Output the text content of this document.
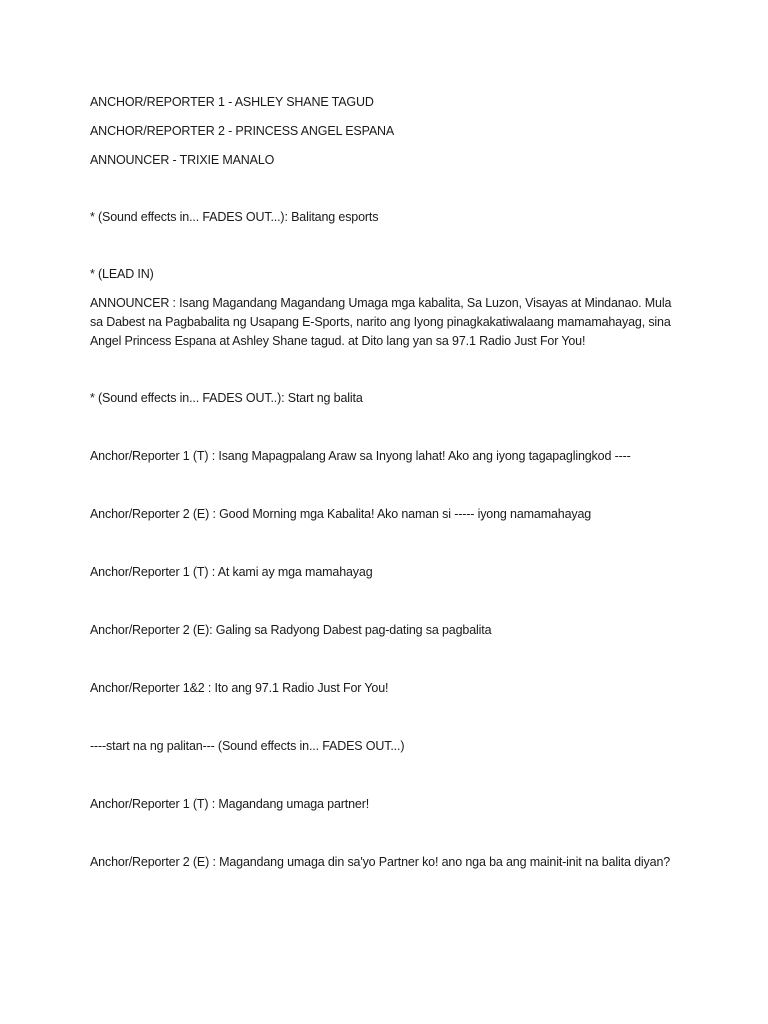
ANCHOR/REPORTER 1 - ASHLEY SHANE TAGUD

ANCHOR/REPORTER 2 - PRINCESS ANGEL ESPANA

ANNOUNCER - TRIXIE MANALO

* (Sound effects in... FADES OUT...): Balitang esports

* (LEAD IN)

ANNOUNCER : Isang Magandang Magandang Umaga mga kabalita, Sa Luzon, Visayas at Mindanao. Mula sa Dabest na Pagbabalita ng Usapang E-Sports, narito ang Iyong pinagkakatiwalaang mamamahayag, sina Angel Princess Espana at Ashley Shane tagud. at Dito lang yan sa 97.1 Radio Just For You!

* (Sound effects in... FADES OUT..): Start ng balita

Anchor/Reporter 1 (T) : Isang Mapagpalang Araw sa Inyong lahat! Ako ang iyong tagapaglingkod ----

Anchor/Reporter 2 (E) : Good Morning mga Kabalita! Ako naman si ----- iyong namamahayag

Anchor/Reporter 1 (T) : At kami ay mga mamahayag

Anchor/Reporter 2 (E): Galing sa Radyong Dabest pag-dating sa pagbalita

Anchor/Reporter 1&2 : Ito ang 97.1 Radio Just For You!

----start na ng palitan--- (Sound effects in... FADES OUT...)

Anchor/Reporter 1 (T) : Magandang umaga partner!

Anchor/Reporter 2 (E) : Magandang umaga din sa'yo Partner ko! ano nga ba ang mainit-init na balita diyan?
